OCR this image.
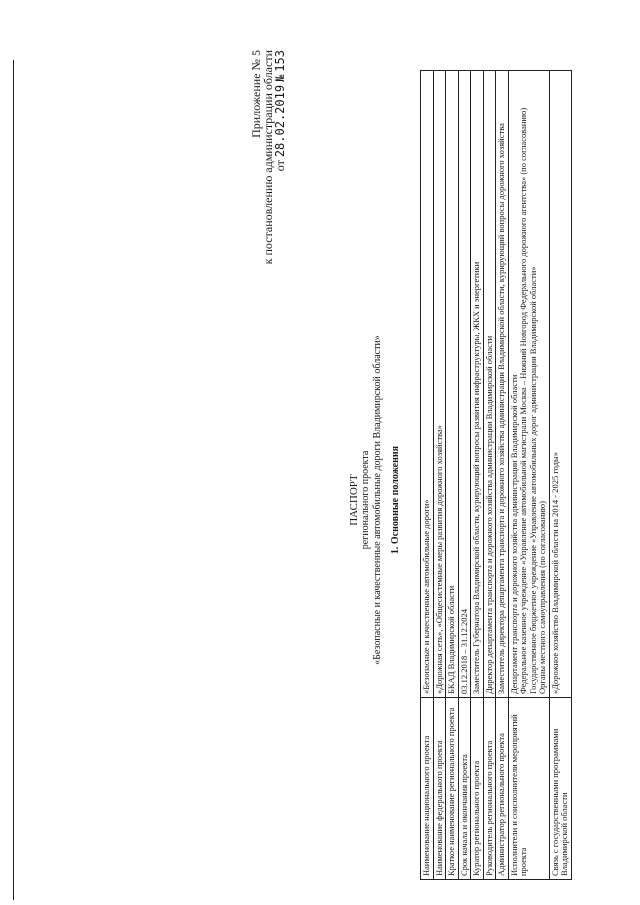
Приложение № 5
к постановлению администрации области
от 28.02.2019 № 153
ПАСПОРТ регионального проекта «Безопасные и качественные автомобильные дороги Владимирской области» 1. Основные положения
Наименование национального проекта	«Безопасные и качественные автомобильные дороги»

Наименование федерального проекта	«Дорожная сеть», «Общесистемные меры развития дорожного хозяйства»

Краткое наименование регионального проекта	БКАД Владимирской области

Срок начала и окончания проекта	03.12.2018 – 31.12.2024

Куратор регионального проекта	Заместитель Губернатора Владимирской области, курирующий вопросы развития инфраструктуры, ЖКХ и энергетики

Руководитель регионального проекта	Директор департамента транспорта и дорожного хозяйства администрации Владимирской области

Администратор регионального проекта	Заместитель директора департамента транспорта и дорожного хозяйства администрации Владимирской области, курирующий вопросы дорожного хозяйства

Исполнители и соисполнители мероприятий проекта	Департамент транспорта и дорожного хозяйства администрации Владимирской области Федеральное казенное учреждение «Управление автомобильной магистрали Москва – Нижний Новгород Федерального дорожного агентства» (по согласованию) Государственное бюджетное учреждение «Управление автомобильных дорог администрации Владимирской области» Органы местного самоуправления (по согласованию)

Связь с государственными программами Владимирской области	«Дорожное хозяйство Владимирской области на 2014 - 2025 годы»
